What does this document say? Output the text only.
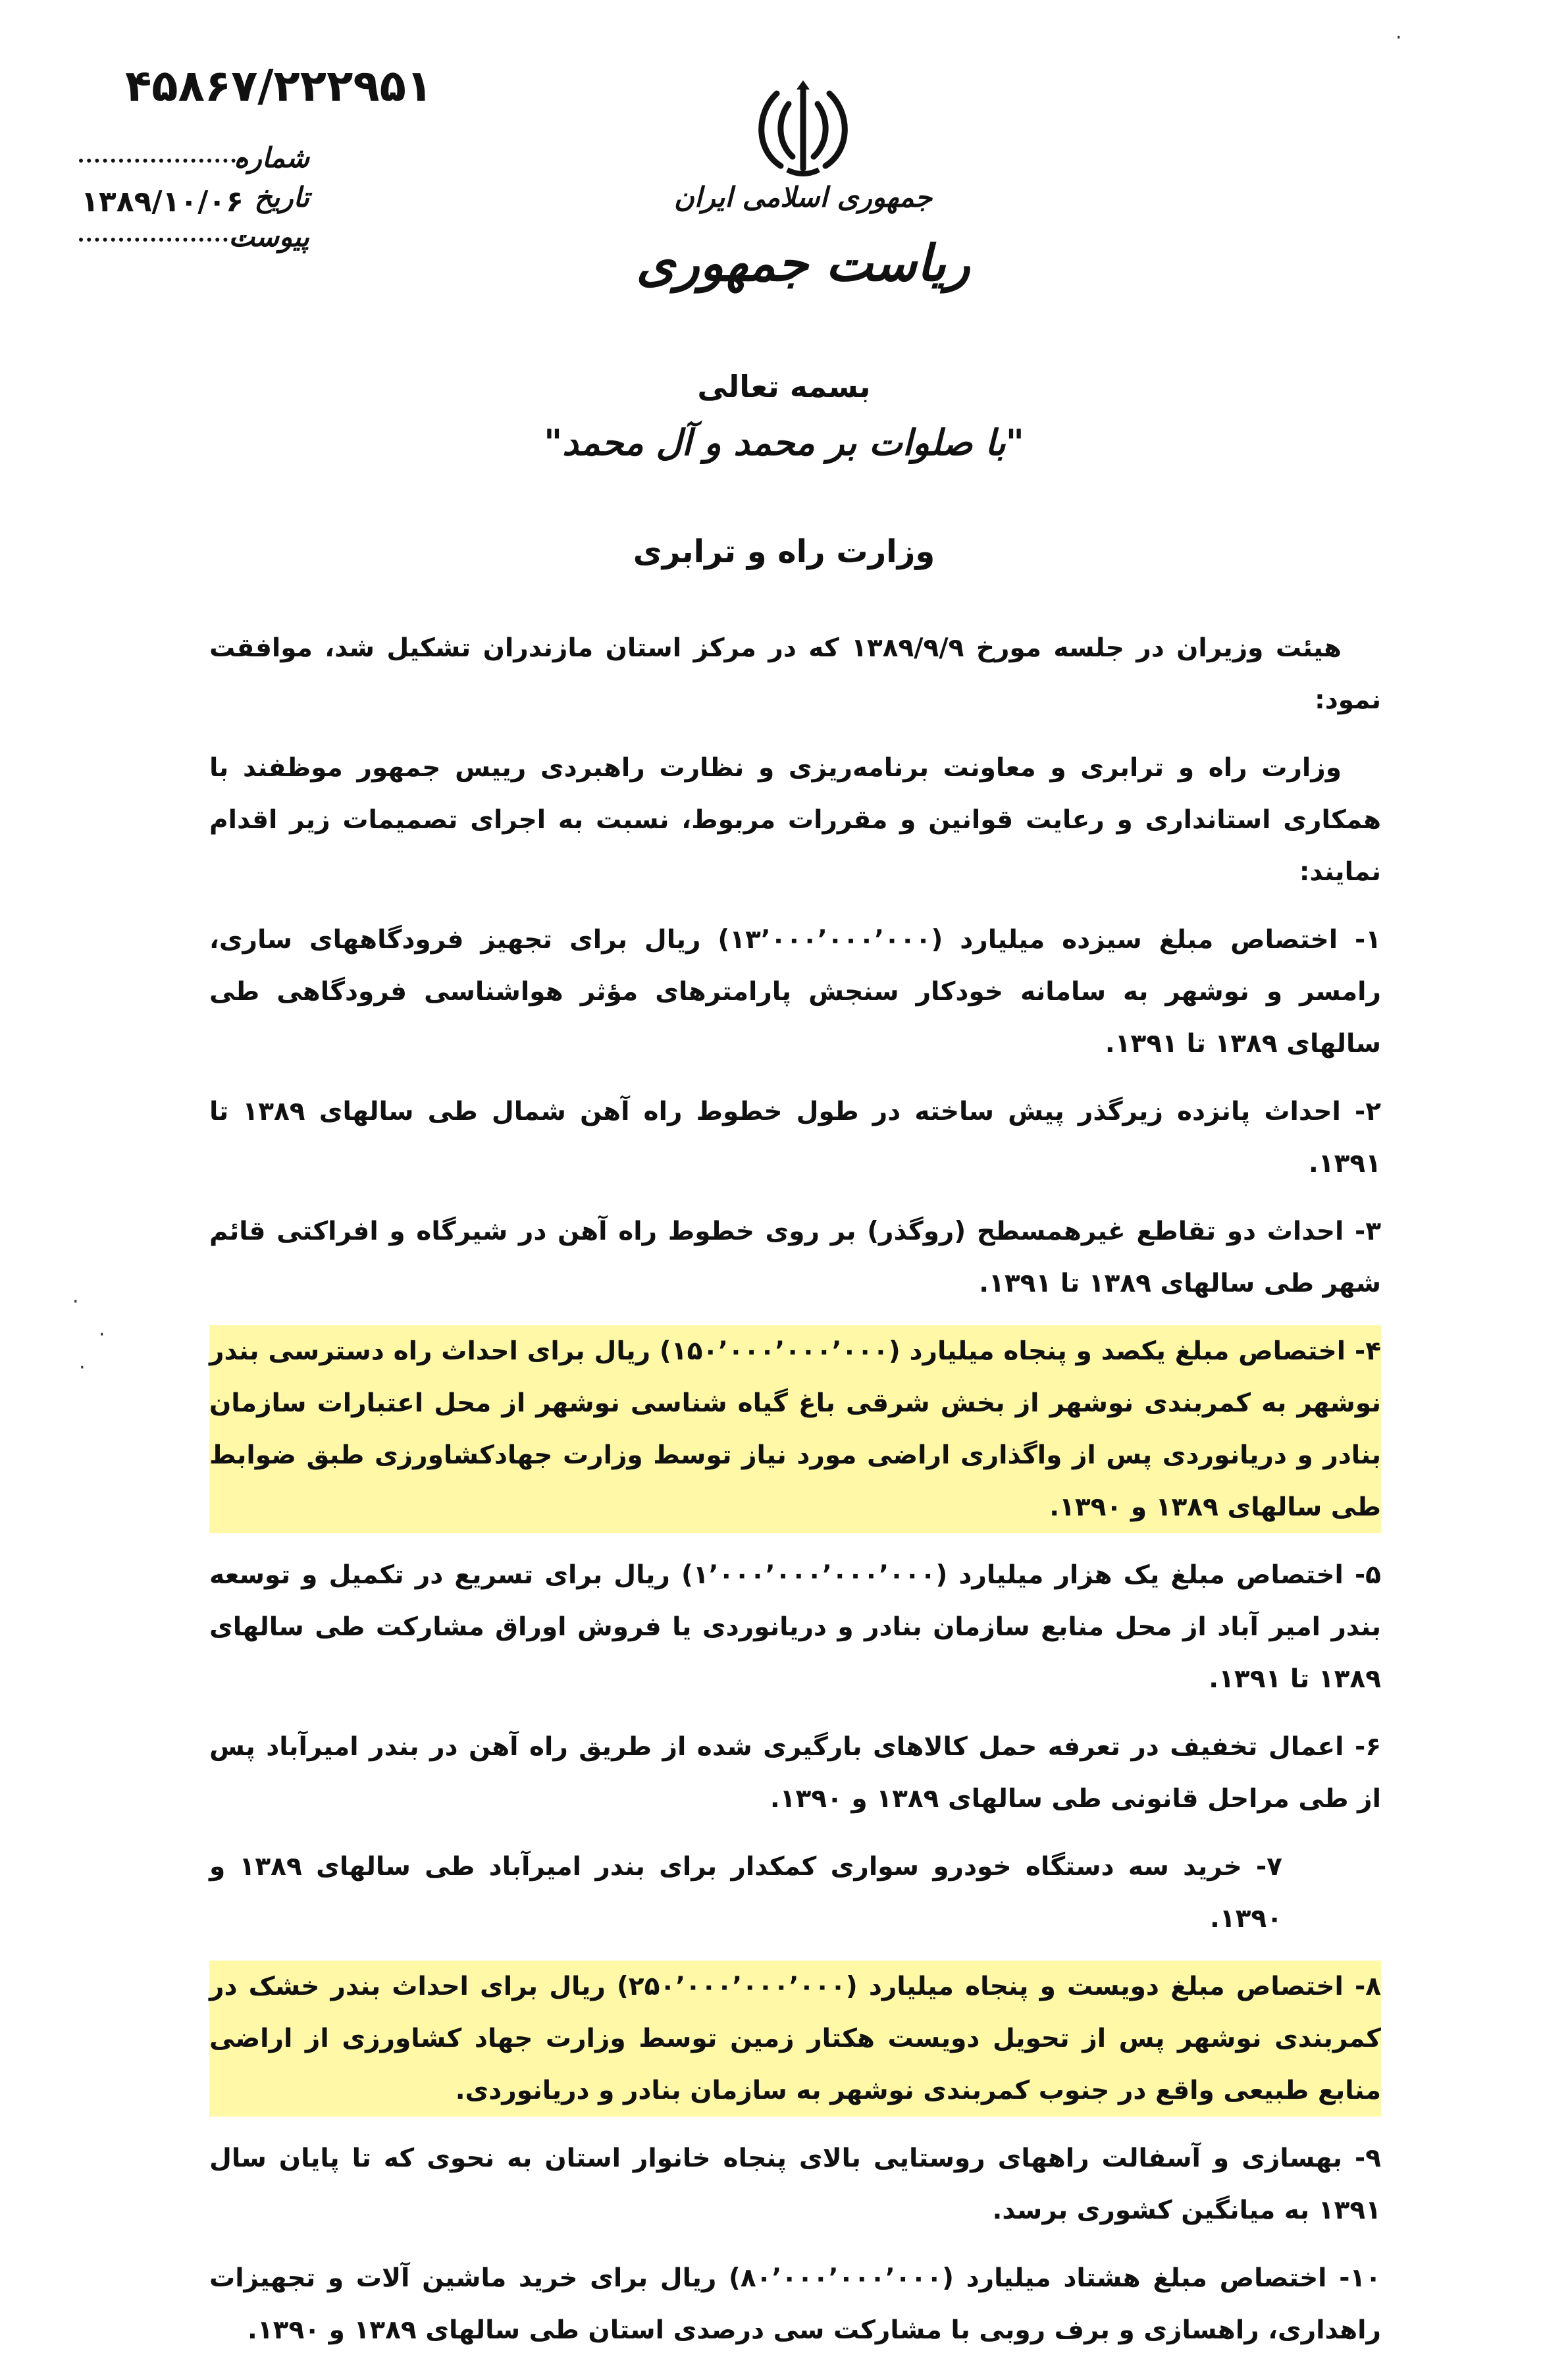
۴۵۸۶۷/۲۲۲۹۵۱
شماره
تاریخ
۱۳۸۹/۱۰/۰۶
پیوست
جمهوری اسلامی ایران
ریاست جمهوری
بسمه تعالی
"با صلوات بر محمد و آل محمد"
وزارت راه و ترابری

هیئت وزیران در جلسه مورخ ۱۳۸۹/۹/۹ که در مرکز استان مازندران تشکیل شد، موافقت نمود:

وزارت راه و ترابری و معاونت برنامه‌ریزی و نظارت راهبردی رییس جمهور موظفند با همکاری استانداری و رعایت قوانین و مقررات مربوط، نسبت به اجرای تصمیمات زیر اقدام نمایند:

۱- اختصاص مبلغ سیزده میلیارد (۱۳٬۰۰۰٬۰۰۰٬۰۰۰) ریال برای تجهیز فرودگاههای ساری، رامسر و نوشهر به سامانه خودکار سنجش پارامترهای مؤثر هواشناسی فرودگاهی طی سالهای ۱۳۸۹ تا ۱۳۹۱.

۲- احداث پانزده زیرگذر پیش ساخته در طول خطوط راه آهن شمال طی سالهای ۱۳۸۹ تا ۱۳۹۱.

۳- احداث دو تقاطع غیرهمسطح (روگذر) بر روی خطوط راه آهن در شیرگاه و افراکتی قائم شهر طی سالهای ۱۳۸۹ تا ۱۳۹۱.

۴- اختصاص مبلغ یکصد و پنجاه میلیارد (۱۵۰٬۰۰۰٬۰۰۰٬۰۰۰) ریال برای احداث راه دسترسی بندر نوشهر به کمربندی نوشهر از بخش شرقی باغ گیاه شناسی نوشهر از محل اعتبارات سازمان بنادر و دریانوردی پس از واگذاری اراضی مورد نیاز توسط وزارت جهادکشاورزی طبق ضوابط طی سالهای ۱۳۸۹ و ۱۳۹۰.

۵- اختصاص مبلغ یک هزار میلیارد (۱٬۰۰۰٬۰۰۰٬۰۰۰٬۰۰۰) ریال برای تسریع در تکمیل و توسعه بندر امیر آباد از محل منابع سازمان بنادر و دریانوردی یا فروش اوراق مشارکت طی سالهای ۱۳۸۹ تا ۱۳۹۱.

۶- اعمال تخفیف در تعرفه حمل کالاهای بارگیری شده از طریق راه آهن در بندر امیرآباد پس از طی مراحل قانونی طی سالهای ۱۳۸۹ و ۱۳۹۰.

۷- خرید سه دستگاه خودرو سواری کمکدار برای بندر امیرآباد طی سالهای ۱۳۸۹ و ۱۳۹۰.

۸- اختصاص مبلغ دویست و پنجاه میلیارد (۲۵۰٬۰۰۰٬۰۰۰٬۰۰۰) ریال برای احداث بندر خشک در کمربندی نوشهر پس از تحویل دویست هکتار زمین توسط وزارت جهاد کشاورزی از اراضی منابع طبیعی واقع در جنوب کمربندی نوشهر به سازمان بنادر و دریانوردی.

۹- بهسازی و آسفالت راههای روستایی بالای پنجاه خانوار استان به نحوی که تا پایان سال ۱۳۹۱ به میانگین کشوری برسد.

۱۰- اختصاص مبلغ هشتاد میلیارد (۸۰٬۰۰۰٬۰۰۰٬۰۰۰) ریال برای خرید ماشین آلات و تجهیزات راهداری، راهسازی و برف روبی با مشارکت سی درصدی استان طی سالهای ۱۳۸۹ و ۱۳۹۰.

·
·
·
·
